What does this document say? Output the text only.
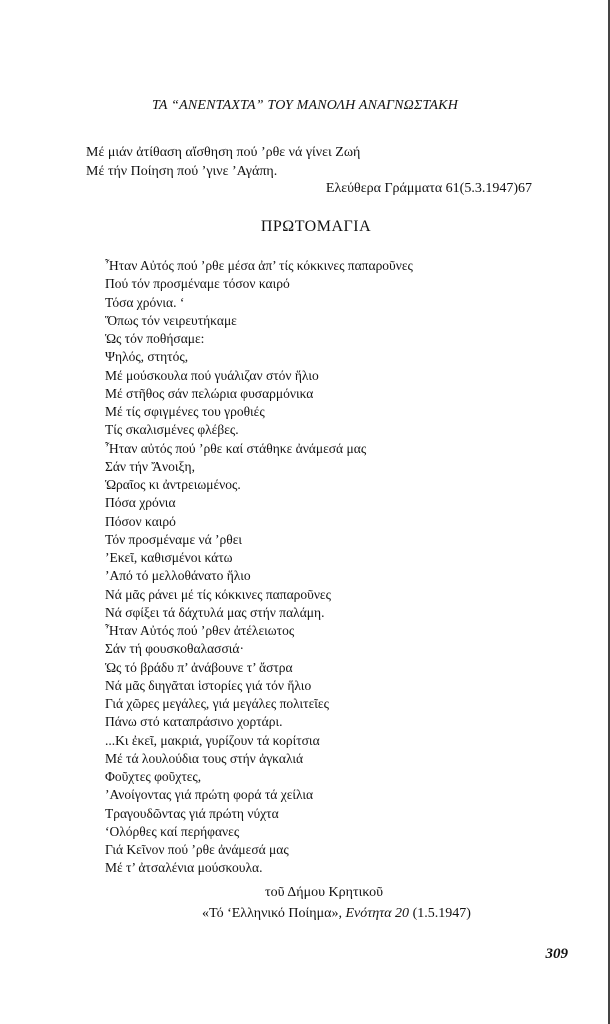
ΤΑ “ΑΝΕΝΤΑΧΤΑ” ΤΟΥ ΜΑΝΟΛΗ ΑΝΑΓΝΩΣΤΑΚΗ
Μέ μιάν ἀτίθαση αἴσθηση πού ’ρθε νά γίνει Ζωή
Μέ τήν Ποίηση πού ’γινε ’Αγάπη.
Ελεύθερα Γράμματα 61(5.3.1947)67
ΠΡΩΤΟΜΑΓΙΑ
Ἦταν Αὐτός πού ’ρθε μέσα ἀπ’ τίς κόκκινες παπαροῦνες
Πού τόν προσμέναμε τόσον καιρό
Τόσα χρόνια. ‘
Ὅπως τόν νειρευτήκαμε
Ὡς τόν ποθήσαμε:
Ψηλός, στητός,
Μέ μούσκουλα πού γυάλιζαν στόν ἥλιο
Μέ στῆθος σάν πελώρια φυσαρμόνικα
Μέ τίς σφιγμένες του γροθιές
Τίς σκαλισμένες φλέβες.
Ἦταν αὐτός πού ’ρθε καί στάθηκε ἀνάμεσά μας
Σάν τήν Ἄνοιξη,
Ὡραῖος κι ἀντρειωμένος.
Πόσα χρόνια
Πόσον καιρό
Τόν προσμέναμε νά ’ρθει
’Εκεῖ, καθισμένοι κάτω
’Από τό μελλοθάνατο ἥλιο
Νά μᾶς ράνει μέ τίς κόκκινες παπαροῦνες
Νά σφίξει τά δάχτυλά μας στήν παλάμη.
Ἦταν Αὐτός πού ’ρθεν ἀτέλειωτος
Σάν τή φουσκοθαλασσιά·
Ὡς τό βράδυ π’ ἀνάβουνε τ’ ἄστρα
Νά μᾶς διηγᾶται ἱστορίες γιά τόν ἥλιο
Γιά χῶρες μεγάλες, γιά μεγάλες πολιτεῖες
Πάνω στό καταπράσινο χορτάρι.
...Κι ἐκεῖ, μακριά, γυρίζουν τά κορίτσια
Μέ τά λουλούδια τους στήν ἀγκαλιά
Φοῦχτες φοῦχτες,
’Ανοίγοντας γιά πρώτη φορά τά χείλια
Τραγουδῶντας γιά πρώτη νύχτα
‘Ολόρθες καί περήφανες
Γιά Κεῖνον πού ’ρθε ἀνάμεσά μας
Μέ τ’ ἀτσαλένια μούσκουλα.
τοῦ Δήμου Κρητικοῦ
«Τό ‘Ελληνικό Ποίημα», Ενότητα 20 (1.5.1947)
309
